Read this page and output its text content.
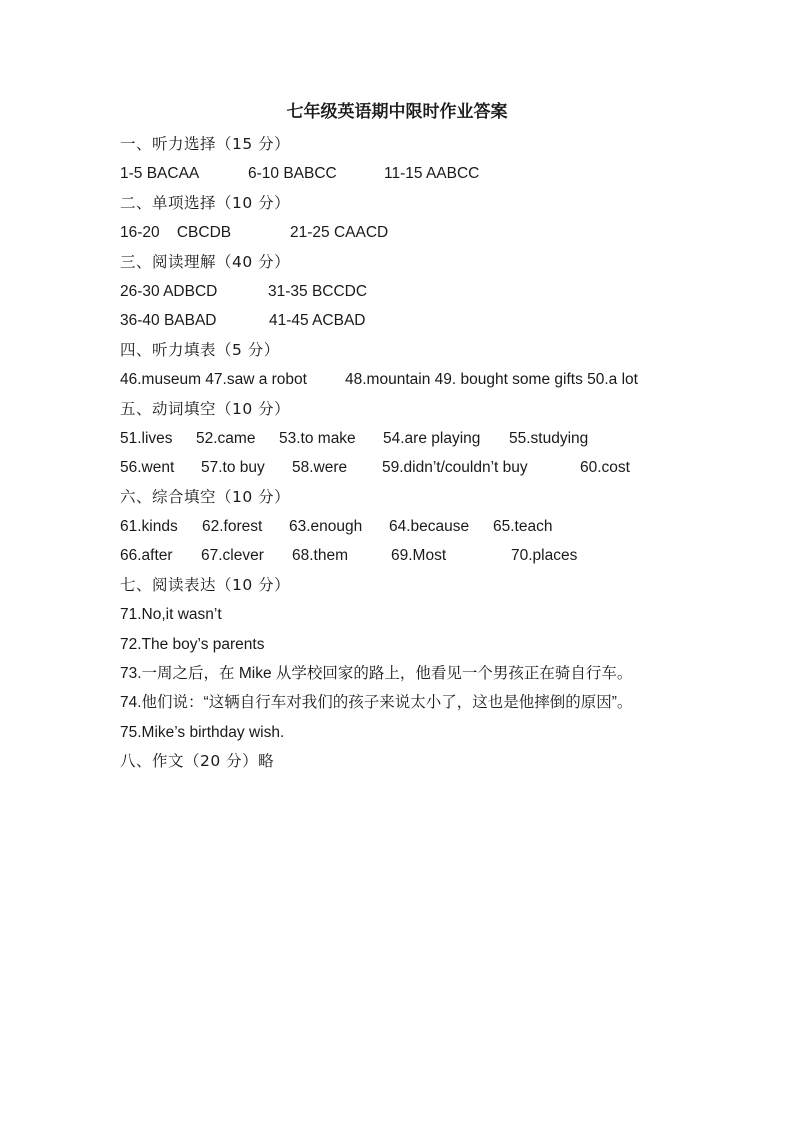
七年级英语期中限时作业答案
一、听力选择（15 分）
1-5 BACAA	6-10 BABCC	11-15 AABCC
二、单项选择（10 分）
16-20    CBCDB	21-25 CAACD
三、阅读理解（40 分）
26-30 ADBCD	31-35 BCCDC
36-40 BABAD	41-45 ACBAD
四、听力填表（5 分）
46.museum 47.saw a robot 48.mountain 49. bought some gifts 50.a lot
五、动词填空（10 分）
51.lives 52.came 53.to make 54.are playing 55.studying
56.went 57.to buy 58.were 59.didn’t/couldn’t buy	60.cost
六、综合填空（10 分）
61.kinds 62.forest 63.enough 64.because 65.teach
66.after 67.clever 68.them	69.Most	70.places
七、阅读表达（10 分）
71.No,it wasn’t
72.The boy’s parents
73.一周之后，在 Mike 从学校回家的路上，他看见一个男孩正在骑自行车。
74.他们说：“这辆自行车对我们的孩子来说太小了，这也是他摔倒的原因”。
75.Mike’s birthday wish.
八、作文（20 分）略
